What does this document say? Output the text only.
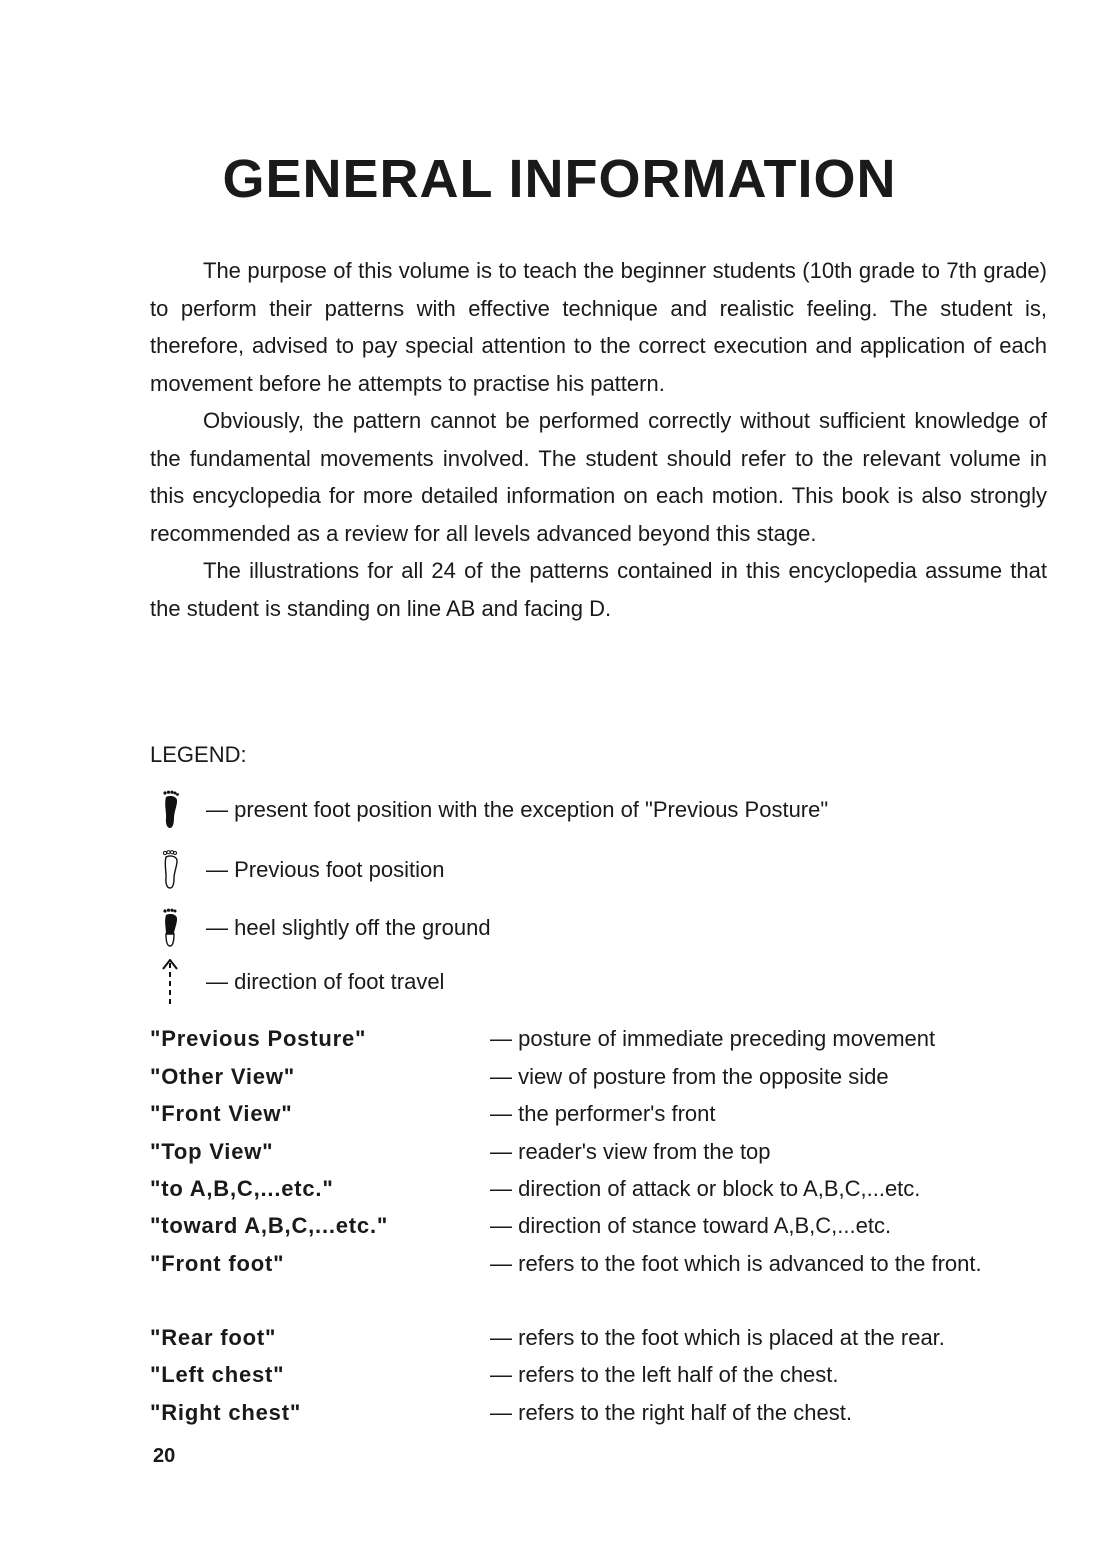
GENERAL INFORMATION

The purpose of this volume is to teach the beginner students (10th grade to 7th grade) to perform their patterns with effective technique and realistic feeling. The student is, therefore, advised to pay special attention to the correct execution and application of each movement before he attempts to practise his pattern.

Obviously, the pattern cannot be performed correctly without sufficient knowledge of the fundamental movements involved. The student should refer to the relevant volume in this encyclopedia for more detailed information on each motion. This book is also strongly recommended as a review for all levels advanced beyond this stage.

The illustrations for all 24 of the patterns contained in this encyclopedia assume that the student is standing on line AB and facing D.

LEGEND:
— present foot position with the exception of "Previous Posture"
— Previous foot position
— heel slightly off the ground
— direction of foot travel
"Previous Posture"	— posture of immediate preceding movement
"Other View"	— view of posture from the opposite side
"Front View"	— the performer's front
"Top View"	— reader's view from the top
"to A,B,C,...etc."	— direction of attack or block to A,B,C,...etc.
"toward A,B,C,...etc."	— direction of stance toward A,B,C,...etc.
"Front foot"	— refers to the foot which is advanced to the front.
"Rear foot"	— refers to the foot which is placed at the rear.
"Left chest"	— refers to the left half of the chest.
"Right chest"	— refers to the right half of the chest.
20
